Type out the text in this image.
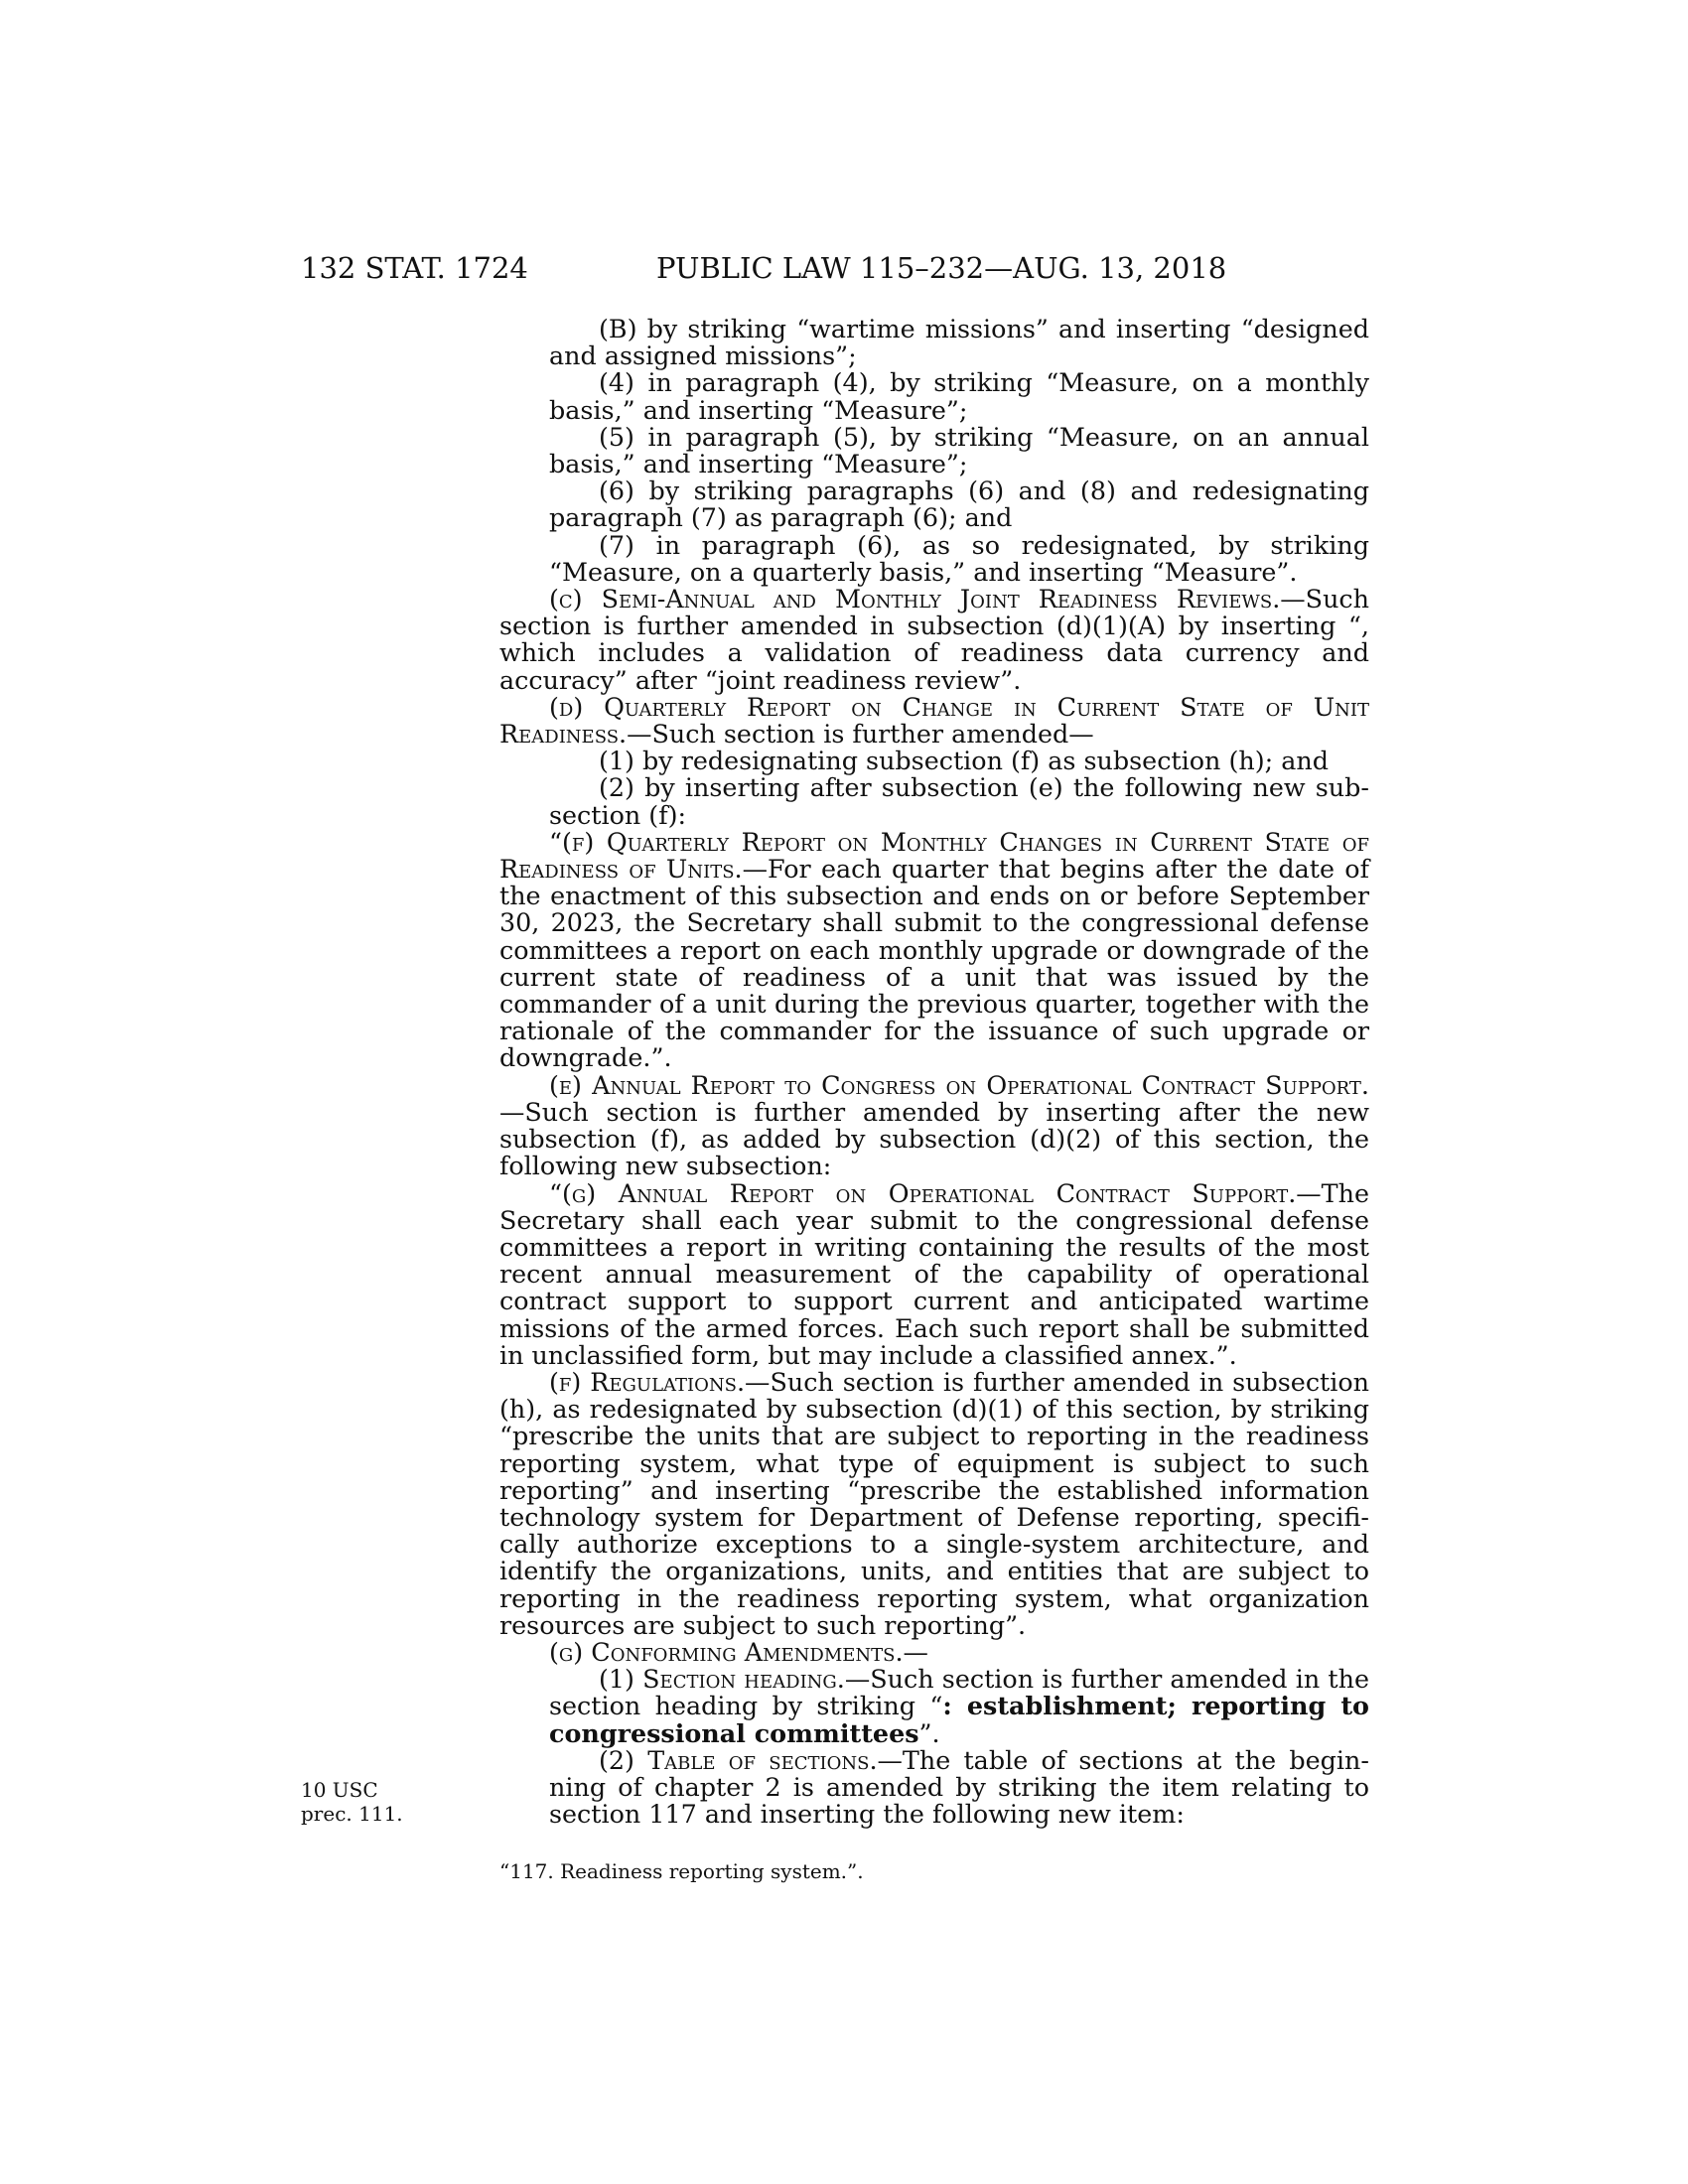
132 STAT. 1724	PUBLIC LAW 115–232—AUG. 13, 2018

(B) by striking “wartime missions” and inserting “designed and assigned missions”;

(4) in paragraph (4), by striking “Measure, on a monthly basis,” and inserting “Measure”;

(5) in paragraph (5), by striking “Measure, on an annual basis,” and inserting “Measure”;

(6) by striking paragraphs (6) and (8) and redesignating paragraph (7) as paragraph (6); and

(7) in paragraph (6), as so redesignated, by striking “Measure, on a quarterly basis,” and inserting “Measure”.

(c) Semi-Annual and Monthly Joint Readiness Reviews.—Such section is further amended in subsection (d)(1)(A) by inserting “, which includes a validation of readiness data currency and accuracy” after “joint readiness review”.

(d) Quarterly Report on Change in Current State of Unit Readiness.—Such section is further amended—

(1) by redesignating subsection (f) as subsection (h); and

(2) by inserting after subsection (e) the following new subsection (f):

“(f) Quarterly Report on Monthly Changes in Current State of Readiness of Units.—For each quarter that begins after the date of the enactment of this subsection and ends on or before September 30, 2023, the Secretary shall submit to the congressional defense committees a report on each monthly upgrade or downgrade of the current state of readiness of a unit that was issued by the commander of a unit during the previous quarter, together with the rationale of the commander for the issuance of such upgrade or downgrade.”.

(e) Annual Report to Congress on Operational Contract Support.—Such section is further amended by inserting after the new subsection (f), as added by subsection (d)(2) of this section, the following new subsection:

“(g) Annual Report on Operational Contract Support.—The Secretary shall each year submit to the congressional defense committees a report in writing containing the results of the most recent annual measurement of the capability of operational contract support to support current and anticipated wartime missions of the armed forces. Each such report shall be submitted in unclassified form, but may include a classified annex.”.

(f) Regulations.—Such section is further amended in subsection (h), as redesignated by subsection (d)(1) of this section, by striking “prescribe the units that are subject to reporting in the readiness reporting system, what type of equipment is subject to such reporting” and inserting “prescribe the established information technology system for Department of Defense reporting, specifically authorize exceptions to a single-system architecture, and identify the organizations, units, and entities that are subject to reporting in the readiness reporting system, what organization resources are subject to such reporting”.

(g) Conforming Amendments.—

(1) Section heading.—Such section is further amended in the section heading by striking “: establishment; reporting to congressional committees”.

(2) Table of sections.—The table of sections at the beginning of chapter 2 is amended by striking the item relating to section 117 and inserting the following new item:

10 USC
prec. 111.
“117. Readiness reporting system.”.
